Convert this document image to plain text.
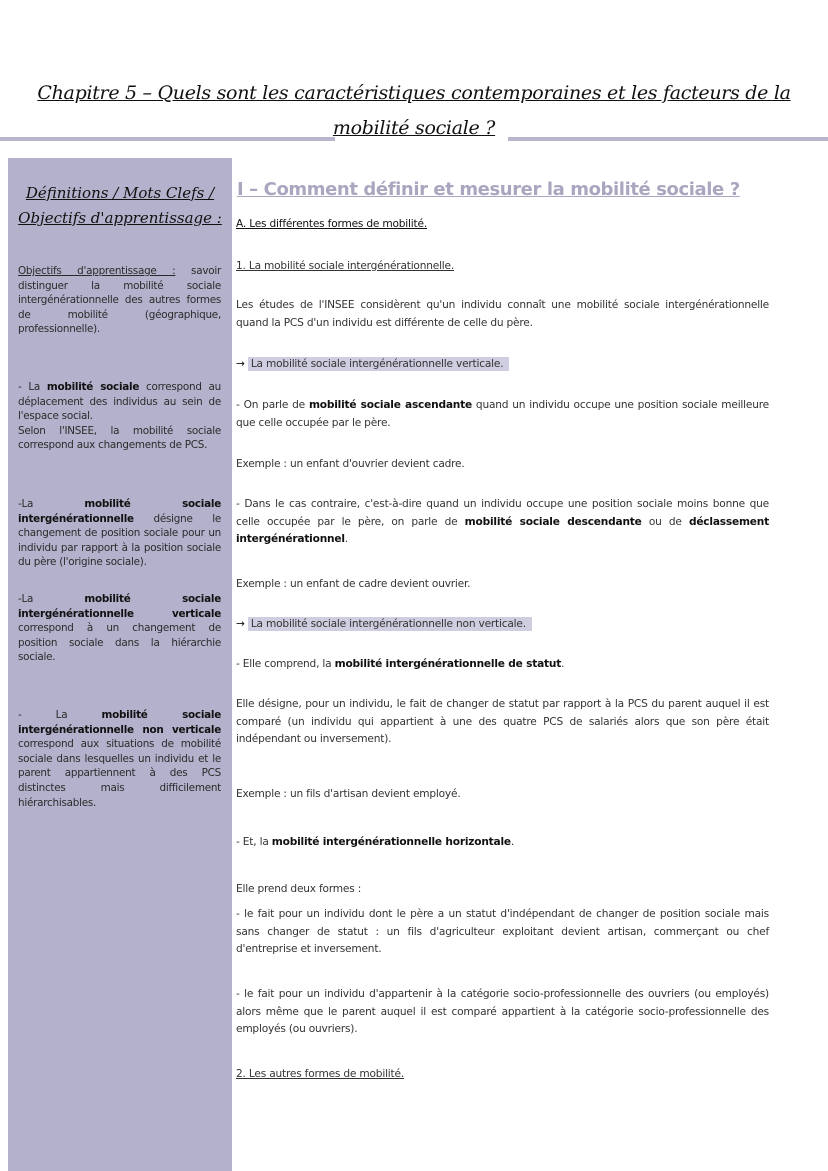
Chapitre 5 – Quels sont les caractéristiques contemporaines et les facteurs de la
mobilité sociale ?
Définitions / Mots Clefs /
Objectifs d'apprentissage :

Objectifs d'apprentissage : savoir distinguer la mobilité sociale intergénérationnelle des autres formes de mobilité (géographique, professionnelle).

- La mobilité sociale correspond au déplacement des individus au sein de l'espace social.
Selon l'INSEE, la mobilité sociale correspond aux changements de PCS.

-La mobilité sociale intergénérationnelle désigne le changement de position sociale pour un individu par rapport à la position sociale du père (l'origine sociale).

-La mobilité sociale intergénérationnelle verticale correspond à un changement de position sociale dans la hiérarchie sociale.

- La mobilité sociale intergénérationnelle non verticale correspond aux situations de mobilité sociale dans lesquelles un individu et le parent appartiennent à des PCS distinctes mais difficilement hiérarchisables.

I – Comment définir et mesurer la mobilité sociale ?

A. Les différentes formes de mobilité.

1. La mobilité sociale intergénérationnelle.

Les études de l'INSEE considèrent qu'un individu connaît une mobilité sociale intergénérationnelle quand la PCS d'un individu est différente de celle du père.

→ La mobilité sociale intergénérationnelle verticale.

- On parle de mobilité sociale ascendante quand un individu occupe une position sociale meilleure que celle occupée par le père.

Exemple : un enfant d'ouvrier devient cadre.

- Dans le cas contraire, c'est-à-dire quand un individu occupe une position sociale moins bonne que celle occupée par le père, on parle de mobilité sociale descendante ou de déclassement intergénérationnel.

Exemple : un enfant de cadre devient ouvrier.

→ La mobilité sociale intergénérationnelle non verticale.

- Elle comprend, la mobilité intergénérationnelle de statut.

Elle désigne, pour un individu, le fait de changer de statut par rapport à la PCS du parent auquel il est comparé (un individu qui appartient à une des quatre PCS de salariés alors que son père était indépendant ou inversement).

Exemple : un fils d'artisan devient employé.

- Et, la mobilité intergénérationnelle horizontale.

Elle prend deux formes :

- le fait pour un individu dont le père a un statut d'indépendant de changer de position sociale mais sans changer de statut : un fils d'agriculteur exploitant devient artisan, commerçant ou chef d'entreprise et inversement.

- le fait pour un individu d'appartenir à la catégorie socio-professionnelle des ouvriers (ou employés) alors même que le parent auquel il est comparé appartient à la catégorie socio-professionnelle des employés (ou ouvriers).

2. Les autres formes de mobilité.
